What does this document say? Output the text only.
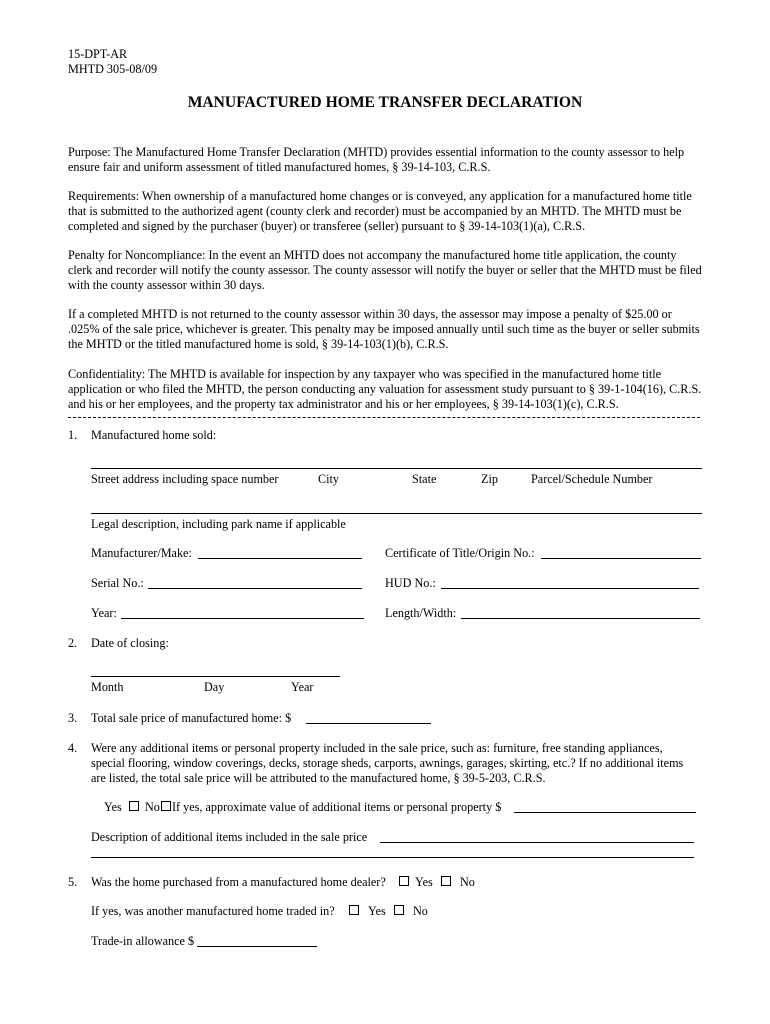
15-DPT-AR
MHTD 305-08/09
MANUFACTURED HOME TRANSFER DECLARATION
Purpose: The Manufactured Home Transfer Declaration (MHTD) provides essential information to the county assessor to help ensure fair and uniform assessment of titled manufactured homes, § 39-14-103, C.R.S.
Requirements: When ownership of a manufactured home changes or is conveyed, any application for a manufactured home title that is submitted to the authorized agent (county clerk and recorder) must be accompanied by an MHTD. The MHTD must be completed and signed by the purchaser (buyer) or transferee (seller) pursuant to § 39-14-103(1)(a), C.R.S.
Penalty for Noncompliance: In the event an MHTD does not accompany the manufactured home title application, the county clerk and recorder will notify the county assessor. The county assessor will notify the buyer or seller that the MHTD must be filed with the county assessor within 30 days.
If a completed MHTD is not returned to the county assessor within 30 days, the assessor may impose a penalty of $25.00 or .025% of the sale price, whichever is greater. This penalty may be imposed annually until such time as the buyer or seller submits the MHTD or the titled manufactured home is sold, § 39-14-103(1)(b), C.R.S.
Confidentiality: The MHTD is available for inspection by any taxpayer who was specified in the manufactured home title application or who filed the MHTD, the person conducting any valuation for assessment study pursuant to § 39-1-104(16), C.R.S. and his or her employees, and the property tax administrator and his or her employees, § 39-14-103(1)(c), C.R.S.
1. Manufactured home sold:
Street address including space number	City	State	Zip	Parcel/Schedule Number
Legal description, including park name if applicable
Manufacturer/Make:	Certificate of Title/Origin No.:
Serial No.:	HUD No.:
Year:	Length/Width:
2. Date of closing:
Month	Day	Year
3. Total sale price of manufactured home: $
4. Were any additional items or personal property included in the sale price, such as: furniture, free standing appliances, special flooring, window coverings, decks, storage sheds, carports, awnings, garages, skirting, etc.? If no additional items are listed, the total sale price will be attributed to the manufactured home, § 39-5-203, C.R.S.
Yes No If yes, approximate value of additional items or personal property $
Description of additional items included in the sale price
5. Was the home purchased from a manufactured home dealer? Yes No
If yes, was another manufactured home traded in?	Yes No
Trade-in allowance $
